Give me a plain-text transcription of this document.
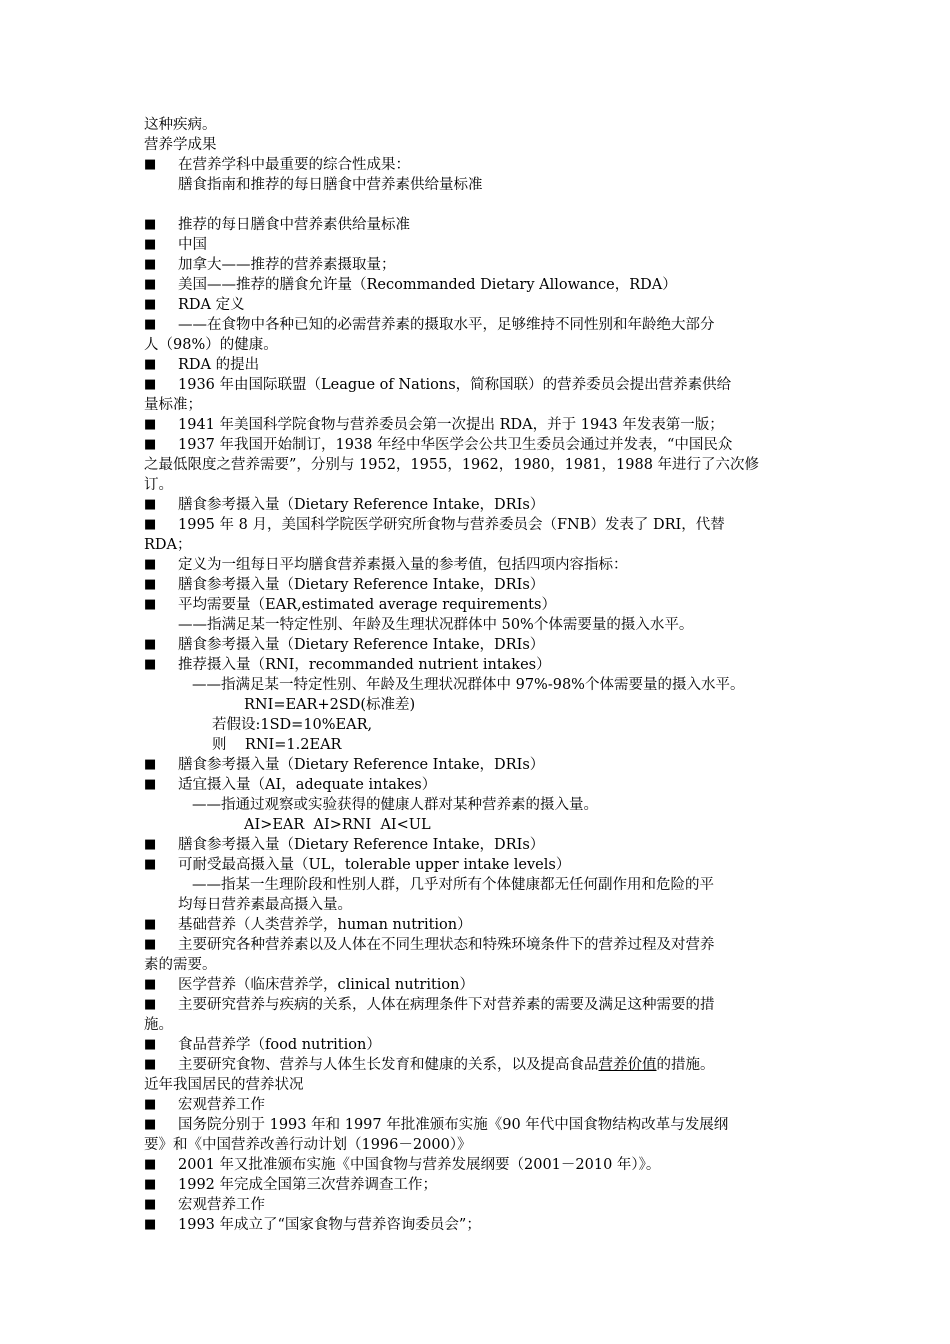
这种疾病。
营养学成果
■ 在营养学科中最重要的综合性成果：
膳食指南和推荐的每日膳食中营养素供给量标准
■ 推荐的每日膳食中营养素供给量标准
■ 中国
■ 加拿大——推荐的营养素摄取量；
■ 美国——推荐的膳食允许量（Recommanded Dietary Allowance，RDA）
■ RDA 定义
■ ——在食物中各种已知的必需营养素的摄取水平，足够维持不同性别和年龄绝大部分
人（98%）的健康。
■ RDA 的提出
■ 1936 年由国际联盟（League of Nations，简称国联）的营养委员会提出营养素供给
量标准；
■ 1941 年美国科学院食物与营养委员会第一次提出 RDA，并于 1943 年发表第一版；
■ 1937 年我国开始制订，1938 年经中华医学会公共卫生委员会通过并发表，“中国民众
之最低限度之营养需要”，分别与 1952，1955，1962，1980，1981，1988 年进行了六次修
订。
■ 膳食参考摄入量（Dietary Reference Intake，DRIs）
■ 1995 年 8 月，美国科学院医学研究所食物与营养委员会（FNB）发表了 DRI，代替
RDA；
■ 定义为一组每日平均膳食营养素摄入量的参考值，包括四项内容指标：
■ 膳食参考摄入量（Dietary Reference Intake，DRIs）
■ 平均需要量（EAR,estimated average requirements）
——指满足某一特定性别、年龄及生理状况群体中 50%个体需要量的摄入水平。
■ 膳食参考摄入量（Dietary Reference Intake，DRIs）
■ 推荐摄入量（RNI，recommanded nutrient intakes）
——指满足某一特定性别、年龄及生理状况群体中 97%-98%个体需要量的摄入水平。
RNI=EAR+2SD(标准差)
若假设:1SD=10%EAR,
则    RNI=1.2EAR
■ 膳食参考摄入量（Dietary Reference Intake，DRIs）
■ 适宜摄入量（AI，adequate intakes）
——指通过观察或实验获得的健康人群对某种营养素的摄入量。
AI>EAR  AI>RNI  AI<UL
■ 膳食参考摄入量（Dietary Reference Intake，DRIs）
■ 可耐受最高摄入量（UL，tolerable upper intake levels）
——指某一生理阶段和性别人群，几乎对所有个体健康都无任何副作用和危险的平
均每日营养素最高摄入量。
■ 基础营养（人类营养学，human nutrition）
■ 主要研究各种营养素以及人体在不同生理状态和特殊环境条件下的营养过程及对营养
素的需要。
■ 医学营养（临床营养学，clinical nutrition）
■ 主要研究营养与疾病的关系，人体在病理条件下对营养素的需要及满足这种需要的措
施。
■ 食品营养学（food nutrition）
■ 主要研究食物、营养与人体生长发育和健康的关系，以及提高食品营养价值的措施。
近年我国居民的营养状况
■ 宏观营养工作
■ 国务院分别于 1993 年和 1997 年批准颁布实施《90 年代中国食物结构改革与发展纲
要》和《中国营养改善行动计划（1996－2000）》
■ 2001 年又批准颁布实施《中国食物与营养发展纲要（2001－2010 年）》。
■ 1992 年完成全国第三次营养调查工作；
■ 宏观营养工作
■ 1993 年成立了“国家食物与营养咨询委员会”；
